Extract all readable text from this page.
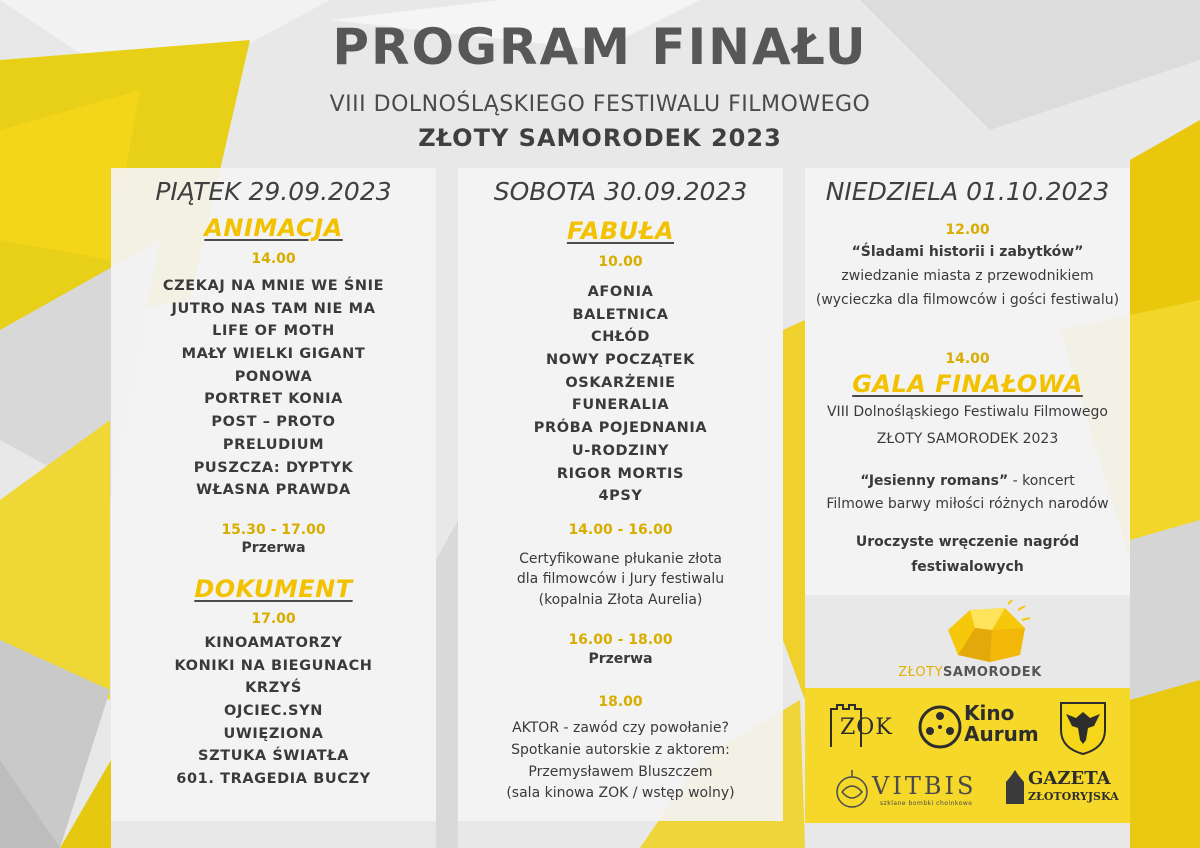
PROGRAM FINAŁU
VIII DOLNOŚLĄSKIEGO FESTIWALU FILMOWEGO
ZŁOTY SAMORODEK 2023
PIĄTEK 29.09.2023
ANIMACJA
14.00
CZEKAJ NA MNIE WE ŚNIE
JUTRO NAS TAM NIE MA
LIFE OF MOTH
MAŁY WIELKI GIGANT
PONOWA
PORTRET KONIA
POST – PROTO
PRELUDIUM
PUSZCZA: DYPTYK
WŁASNA PRAWDA
15.30 - 17.00
Przerwa
DOKUMENT
17.00
KINOAMATORZY
KONIKI NA BIEGUNACH
KRZYŚ
OJCIEC.SYN
UWIĘZIONA
SZTUKA ŚWIATŁA
601. TRAGEDIA BUCZY
SOBOTA 30.09.2023
FABUŁA
10.00
AFONIA
BALETNICA
CHŁÓD
NOWY POCZĄTEK
OSKARŻENIE
FUNERALIA
PRÓBA POJEDNANIA
U-RODZINY
RIGOR MORTIS
4PSY
14.00 - 16.00
Certyfikowane płukanie złota
dla filmowców i Jury festiwalu
(kopalnia Złota Aurelia)
16.00 - 18.00
Przerwa
18.00
AKTOR - zawód czy powołanie?
Spotkanie autorskie z aktorem:
Przemysławem Bluszczem
(sala kinowa ZOK / wstęp wolny)
NIEDZIELA 01.10.2023
12.00
“Śladami historii i zabytków”
zwiedzanie miasta z przewodnikiem
(wycieczka dla filmowców i gości festiwalu)
14.00
GALA FINAŁOWA
VIII Dolnośląskiego Festiwalu Filmowego
ZŁOTY SAMORODEK 2023
“Jesienny romans” - koncert
Filmowe barwy miłości różnych narodów
Uroczyste wręczenie nagród
festiwalowych
ZŁOTYSAMORODEK
ZOK
Kino
Aurum
VITBIS
szklane bombki choinkowe
GAZETA
ZŁOTORYJSKA
